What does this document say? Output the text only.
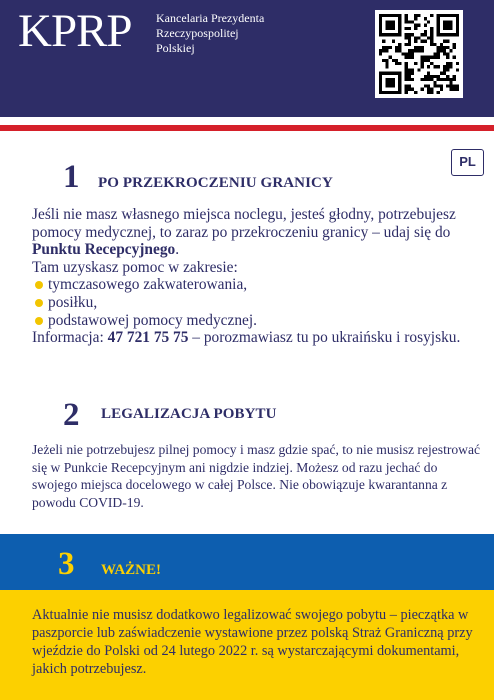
KPRP Kancelaria Prezydenta
Rzeczypospolitej
Polskiej
PL
1 PO PRZEKROCZENIU GRANICY
Jeśli nie masz własnego miejsca noclegu, jesteś głodny, potrzebujesz pomocy medycznej, to zaraz po przekroczeniu granicy – udaj się do Punktu Recepcyjnego.
Tam uzyskasz pomoc w zakresie:
tymczasowego zakwaterowania,
posiłku,
podstawowej pomocy medycznej.
Informacja: 47 721 75 75 – porozmawiasz tu po ukraińsku i rosyjsku.
2 LEGALIZACJA POBYTU
Jeżeli nie potrzebujesz pilnej pomocy i masz gdzie spać, to nie musisz rejestrować się w Punkcie Recepcyjnym ani nigdzie indziej. Możesz od razu jechać do swojego miejsca docelowego w całej Polsce. Nie obowiązuje kwarantanna z powodu COVID-19.
3 WAŻNE!
Aktualnie nie musisz dodatkowo legalizować swojego pobytu – pieczątka w paszporcie lub zaświadczenie wystawione przez polską Straż Graniczną przy wjeździe do Polski od 24 lutego 2022 r. są wystarczającymi dokumentami, jakich potrzebujesz.
